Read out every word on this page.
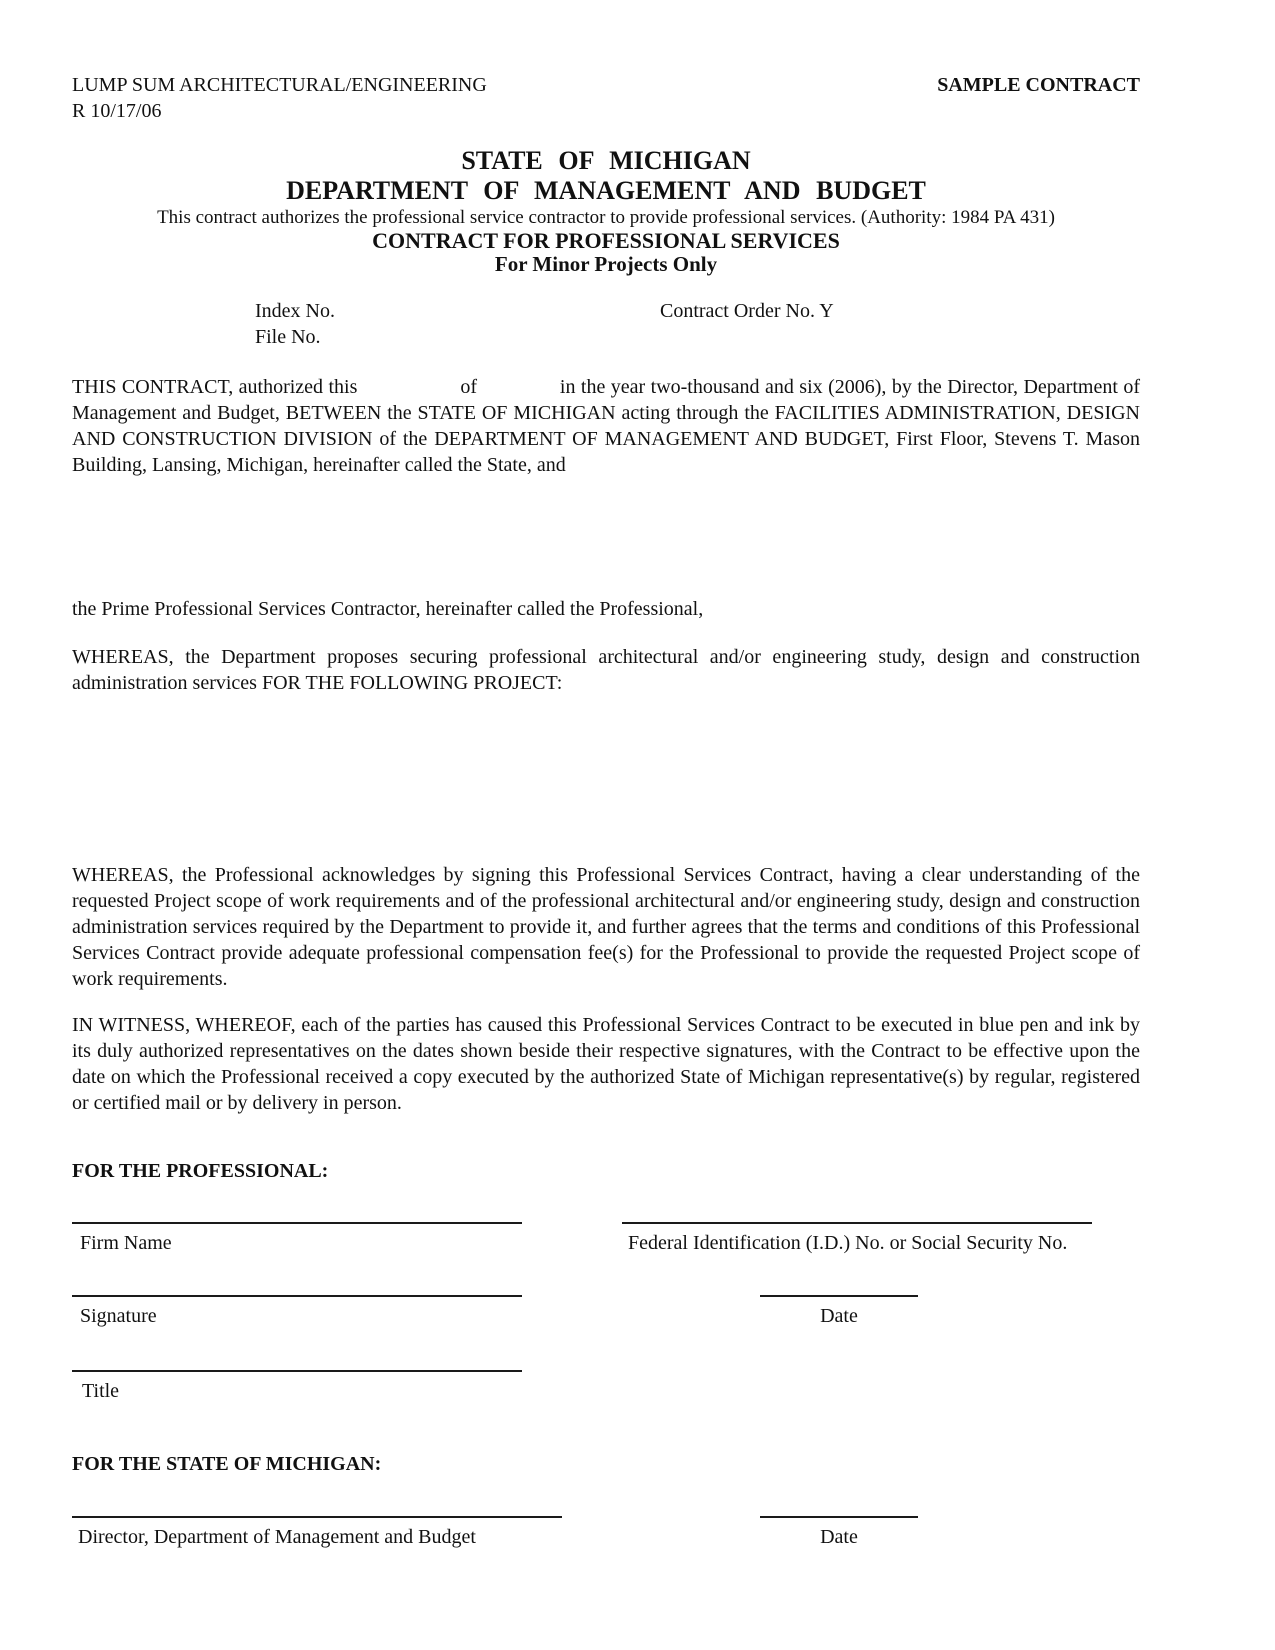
LUMP SUM ARCHITECTURAL/ENGINEERING	SAMPLE CONTRACT
R 10/17/06
STATE OF MICHIGAN
DEPARTMENT OF MANAGEMENT AND BUDGET
This contract authorizes the professional service contractor to provide professional services. (Authority: 1984 PA 431)
CONTRACT FOR PROFESSIONAL SERVICES
For Minor Projects Only
Index No.	Contract Order No. Y
File No.
THIS CONTRACT, authorized this	of	in the year two-thousand and six (2006), by the Director, Department of
Management and Budget, BETWEEN the STATE OF MICHIGAN acting through the FACILITIES ADMINISTRATION, DESIGN
AND CONSTRUCTION DIVISION of the DEPARTMENT OF MANAGEMENT AND BUDGET, First Floor, Stevens T. Mason
Building, Lansing, Michigan, hereinafter called the State, and
the Prime Professional Services Contractor, hereinafter called the Professional,
WHEREAS, the Department proposes securing professional architectural and/or engineering study, design and construction
administration services FOR THE FOLLOWING PROJECT:
WHEREAS, the Professional acknowledges by signing this Professional Services Contract, having a clear understanding of the
requested Project scope of work requirements and of the professional architectural and/or engineering study, design and construction
administration services required by the Department to provide it, and further agrees that the terms and conditions of this Professional
Services Contract provide adequate professional compensation fee(s) for the Professional to provide the requested Project scope of
work requirements.
IN WITNESS, WHEREOF, each of the parties has caused this Professional Services Contract to be executed in blue pen and ink by
its duly authorized representatives on the dates shown beside their respective signatures, with the Contract to be effective upon the
date on which the Professional received a copy executed by the authorized State of Michigan representative(s) by regular, registered
or certified mail or by delivery in person.
FOR THE PROFESSIONAL:
Firm Name	Federal Identification (I.D.) No. or Social Security No.
Signature	Date
Title
FOR THE STATE OF MICHIGAN:
Director, Department of Management and Budget	Date
